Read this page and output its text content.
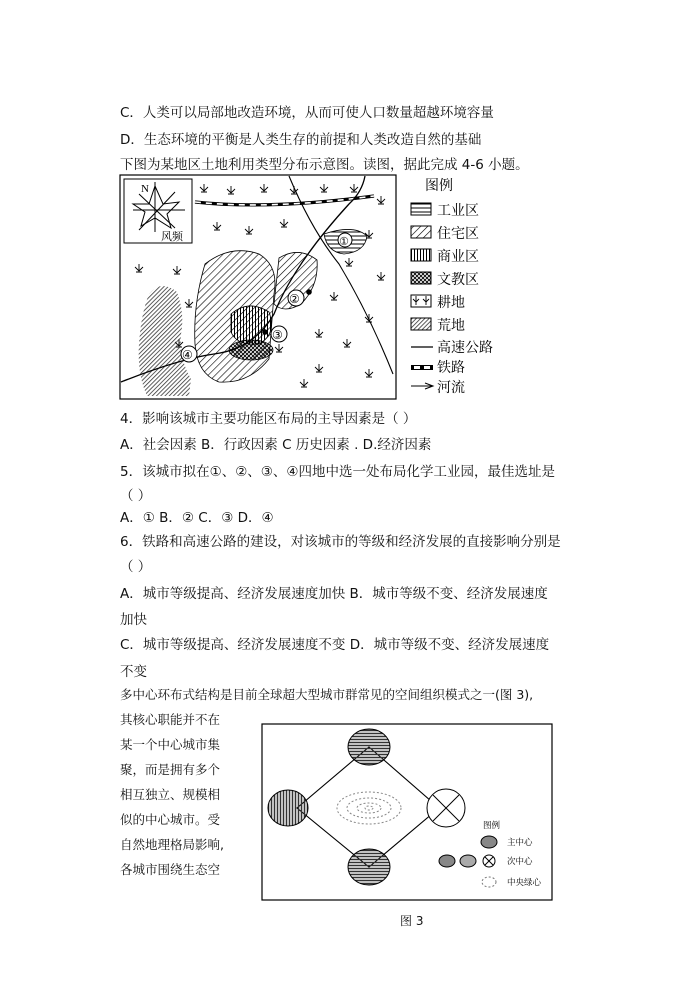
C．人类可以局部地改造环境，从而可使人口数量超越环境容量
D．生态环境的平衡是人类生存的前提和人类改造自然的基础
下图为某地区土地利用类型分布示意图。读图，据此完成 4-6 小题。
N
风频	①
②
③
④
图例
工业区
住宅区
商业区
文教区
耕地
荒地
高速公路
铁路
河流
4．影响该城市主要功能区布局的主导因素是（ ）
A．社会因素 B．行政因素 C 历史因素 . D.经济因素
5．该城市拟在①、②、③、④四地中选一处布局化学工业园，最佳选址是
（ ）
A．① B．② C．③ D．④
6．铁路和高速公路的建设，对该城市的等级和经济发展的直接影响分别是
（ ）
A．城市等级提高、经济发展速度加快 B．城市等级不变、经济发展速度
加快
C．城市等级提高、经济发展速度不变 D．城市等级不变、经济发展速度
不变
多中心环布式结构是目前全球超大型城市群常见的空间组织模式之一(图 3),
其核心职能并不在
某一个中心城市集
聚，而是拥有多个
相互独立、规模相
似的中心城市。受
自然地理格局影响,
各城市围绕生态空
图例
主中心
次中心
中央绿心
图 3
